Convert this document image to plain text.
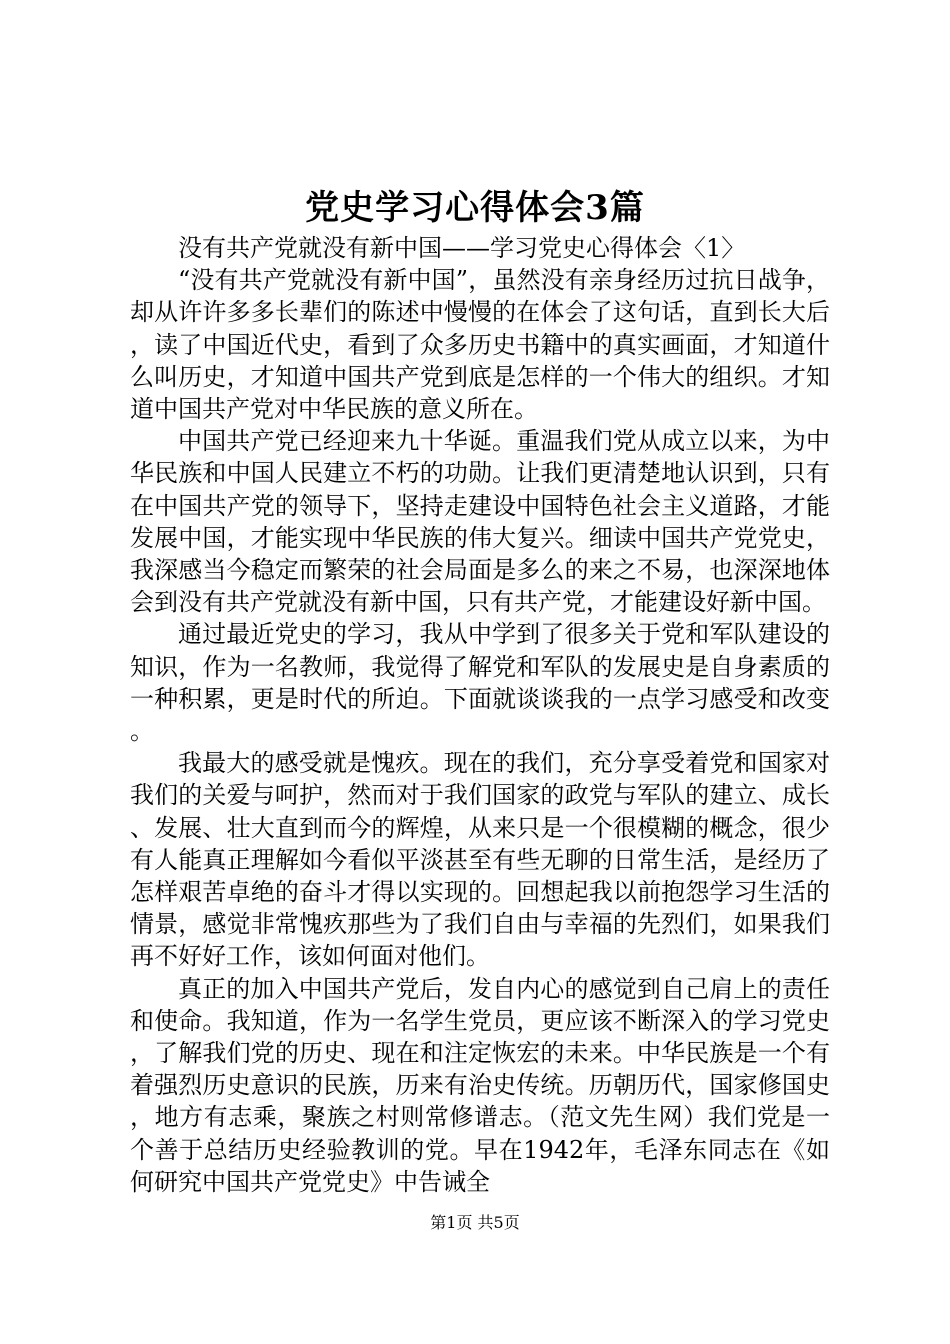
党史学习心得体会3篇

没有共产党就没有新中国——学习党史心得体会〈1〉

“没有共产党就没有新中国”，虽然没有亲身经历过抗日战争，却从许许多多长辈们的陈述中慢慢的在体会了这句话，直到长大后，读了中国近代史，看到了众多历史书籍中的真实画面，才知道什么叫历史，才知道中国共产党到底是怎样的一个伟大的组织。才知道中国共产党对中华民族的意义所在。

中国共产党已经迎来九十华诞。重温我们党从成立以来，为中华民族和中国人民建立不朽的功勋。让我们更清楚地认识到，只有在中国共产党的领导下，坚持走建设中国特色社会主义道路，才能发展中国，才能实现中华民族的伟大复兴。细读中国共产党党史，我深感当今稳定而繁荣的社会局面是多么的来之不易，也深深地体会到没有共产党就没有新中国，只有共产党，才能建设好新中国。

通过最近党史的学习，我从中学到了很多关于党和军队建设的知识，作为一名教师，我觉得了解党和军队的发展史是自身素质的一种积累，更是时代的所迫。下面就谈谈我的一点学习感受和改变。

我最大的感受就是愧疚。现在的我们，充分享受着党和国家对我们的关爱与呵护，然而对于我们国家的政党与军队的建立、成长、发展、壮大直到而今的辉煌，从来只是一个很模糊的概念，很少有人能真正理解如今看似平淡甚至有些无聊的日常生活，是经历了怎样艰苦卓绝的奋斗才得以实现的。回想起我以前抱怨学习生活的情景，感觉非常愧疚那些为了我们自由与幸福的先烈们，如果我们再不好好工作，该如何面对他们。

真正的加入中国共产党后，发自内心的感觉到自己肩上的责任和使命。我知道，作为一名学生党员，更应该不断深入的学习党史，了解我们党的历史、现在和注定恢宏的未来。中华民族是一个有着强烈历史意识的民族，历来有治史传统。历朝历代，国家修国史，地方有志乘，聚族之村则常修谱志。（范文先生网）我们党是一个善于总结历史经验教训的党。早在1942年，毛泽东同志在《如何研究中国共产党党史》中告诫全

第1页 共5页
